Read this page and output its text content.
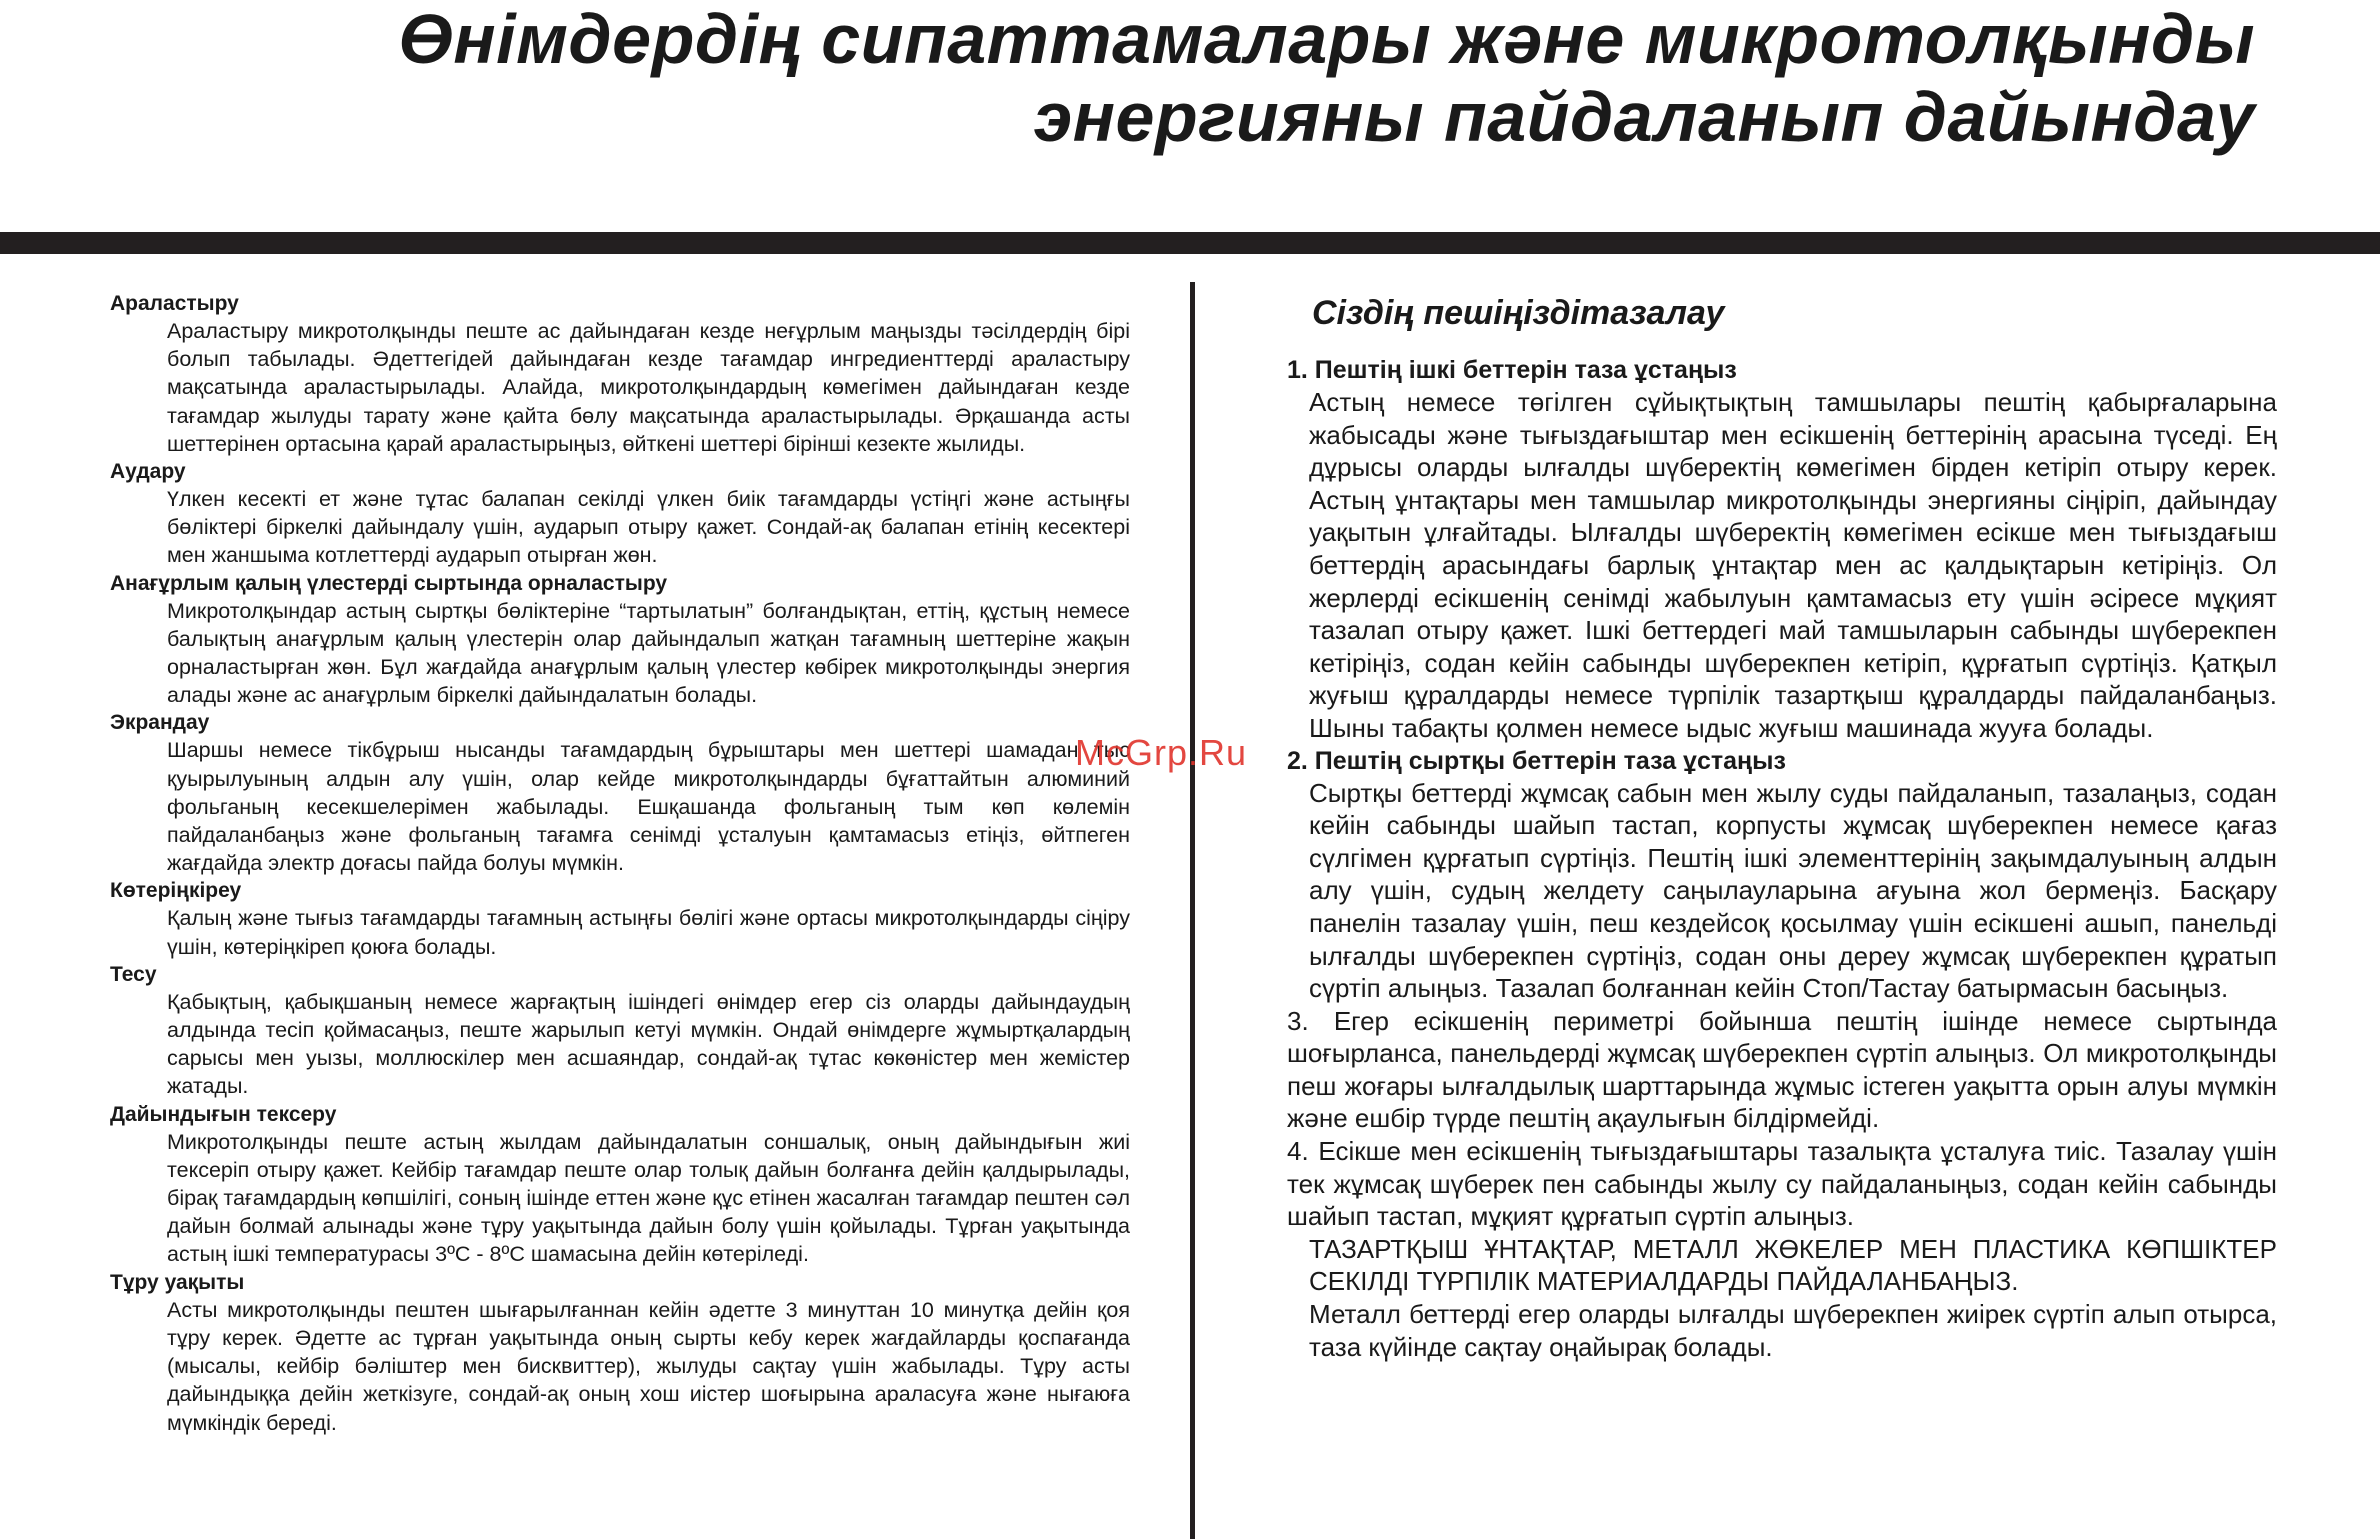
Өнімдердің сипаттамалары және микротолқынды
энергияны пайдаланып дайындау

Араластыру

Араластыру микротолқынды пеште ас дайындаған кезде неғұрлым маңызды тәсілдердің бірі болып табылады. Әдеттегідей дайындаған кезде тағамдар ингредиенттерді араластыру мақсатында араластырылады. Алайда, микротолқындардың көмегімен дайындаған кезде тағамдар жылуды тарату және қайта бөлу мақсатында араластырылады. Әрқашанда асты шеттерінен ортасына қарай араластырыңыз, өйткені шеттері бірінші кезекте жылиды.

Аудару

Үлкен кесекті ет және тұтас балапан секілді үлкен биік тағамдарды үстіңгі және астыңғы бөліктері біркелкі дайындалу үшін, аударып отыру қажет. Сондай-ақ балапан етінің кесектері мен жаншыма котлеттерді аударып отырған жөн.

Анағұрлым қалың үлестерді сыртында орналастыру

Микротолқындар астың сыртқы бөліктеріне “тартылатын” болғандықтан, еттің, құстың немесе балықтың анағұрлым қалың үлестерін олар дайындалып жатқан тағамның шеттеріне жақын орналастырған жөн. Бұл жағдайда анағұрлым қалың үлестер көбірек микротолқынды энергия алады және ас анағұрлым біркелкі дайындалатын болады.

Экрандау

Шаршы немесе тікбұрыш нысанды тағамдардың бұрыштары мен шеттері шамадан тыс қуырылуының алдын алу үшін, олар кейде микротолқындарды бұғаттайтын алюминий фольганың кесекшелерімен жабылады. Ешқашанда фольганың тым көп көлемін пайдаланбаңыз және фольганың тағамға сенімді ұсталуын қамтамасыз етіңіз, өйтпеген жағдайда электр доғасы пайда болуы мүмкін.

Көтеріңкіреу

Қалың және тығыз тағамдарды тағамның астыңғы бөлігі және ортасы микротолқындарды сіңіру үшін, көтеріңкіреп қоюға болады.

Тесу

Қабықтың, қабықшаның немесе жарғақтың ішіндегі өнімдер егер сіз оларды дайындаудың алдында тесіп қоймасаңыз, пеште жарылып кетуі мүмкін. Ондай өнімдерге жұмыртқалардың сарысы мен уызы, моллюскілер мен асшаяндар, сондай-ақ тұтас көкөністер мен жемістер жатады.

Дайындығын тексеру

Микротолқынды пеште астың жылдам дайындалатын соншалық, оның дайындығын жиі тексеріп отыру қажет. Кейбір тағамдар пеште олар толық дайын болғанға дейін қалдырылады, бірақ тағамдардың көпшілігі, соның ішінде еттен және құс етінен жасалған тағамдар пештен сәл дайын болмай алынады және тұру уақытында дайын болу үшін қойылады. Тұрған уақытында астың ішкі температурасы 3ºС - 8ºС шамасына дейін көтеріледі.

Тұру уақыты

Асты микротолқынды пештен шығарылғаннан кейін әдетте 3 минуттан 10 минутқа дейін қоя тұру керек. Әдетте ас тұрған уақытында оның сырты кебу керек жағдайларды қоспағанда (мысалы, кейбір бәліштер мен бисквиттер), жылуды сақтау үшін жабылады. Тұру асты дайындыққа дейін жеткізуге, сондай-ақ оның хош иістер шоғырына араласуға және нығаюға мүмкіндік береді.

Сіздің пешіңіздітазалау

1. Пештің ішкі беттерін таза ұстаңыз

Астың немесе төгілген сұйықтықтың тамшылары пештің қабырғаларына жабысады және тығыздағыштар мен есікшенің беттерінің арасына түседі. Ең дұрысы оларды ылғалды шүберектің көмегімен бірден кетіріп отыру керек. Астың ұнтақтары мен тамшылар микротолқынды энергияны сіңіріп, дайындау уақытын ұлғайтады. Ылғалды шүберектің көмегімен есікше мен тығыздағыш беттердің арасындағы барлық ұнтақтар мен ас қалдықтарын кетіріңіз. Ол жерлерді есікшенің сенімді жабылуын қамтамасыз ету үшін әсіресе мұқият тазалап отыру қажет. Ішкі беттердегі май тамшыларын сабынды шүберекпен кетіріңіз, содан кейін сабынды шүберекпен кетіріп, құрғатып сүртіңіз. Қатқыл жуғыш құралдарды немесе түрпілік тазартқыш құралдарды пайдаланбаңыз. Шыны табақты қолмен немесе ыдыс жуғыш машинада жууға болады.

2. Пештің сыртқы беттерін таза ұстаңыз

Сыртқы беттерді жұмсақ сабын мен жылу суды пайдаланып, тазалаңыз, содан кейін сабынды шайып тастап, корпусты жұмсақ шүберекпен немесе қағаз сүлгімен құрғатып сүртіңіз. Пештің ішкі элементтерінің зақымдалуының алдын алу үшін, судың желдету саңылауларына ағуына жол бермеңіз. Басқару панелін тазалау үшін, пеш кездейсоқ қосылмау үшін есікшені ашып, панельді ылғалды шүберекпен сүртіңіз, содан оны дереу жұмсақ шүберекпен құратып сүртіп алыңыз. Тазалап болғаннан кейін Стоп/Тастау батырмасын басыңыз.

3. Егер есікшенің периметрі бойынша пештің ішінде немесе сыртында шоғырланса, панельдерді жұмсақ шүберекпен сүртіп алыңыз. Ол микротолқынды пеш жоғары ылғалдылық шарттарында жұмыс істеген уақытта орын алуы мүмкін және ешбір түрде пештің ақаулығын білдірмейді.

4. Есікше мен есікшенің тығыздағыштары тазалықта ұсталуға тиіс. Тазалау үшін тек жұмсақ шүберек пен сабынды жылу су пайдаланыңыз, содан кейін сабынды шайып тастап, мұқият құрғатып сүртіп алыңыз.

ТАЗАРТҚЫШ ҰНТАҚТАР, МЕТАЛЛ ЖӨКЕЛЕР МЕН ПЛАСТИКА КӨПШІКТЕР СЕКІЛДІ ТҮРПІЛІК МАТЕРИАЛДАРДЫ ПАЙДАЛАНБАҢЫЗ.

Металл беттерді егер оларды ылғалды шүберекпен жиірек сүртіп алып отырса, таза күйінде сақтау оңайырақ болады.

McGrp.Ru
